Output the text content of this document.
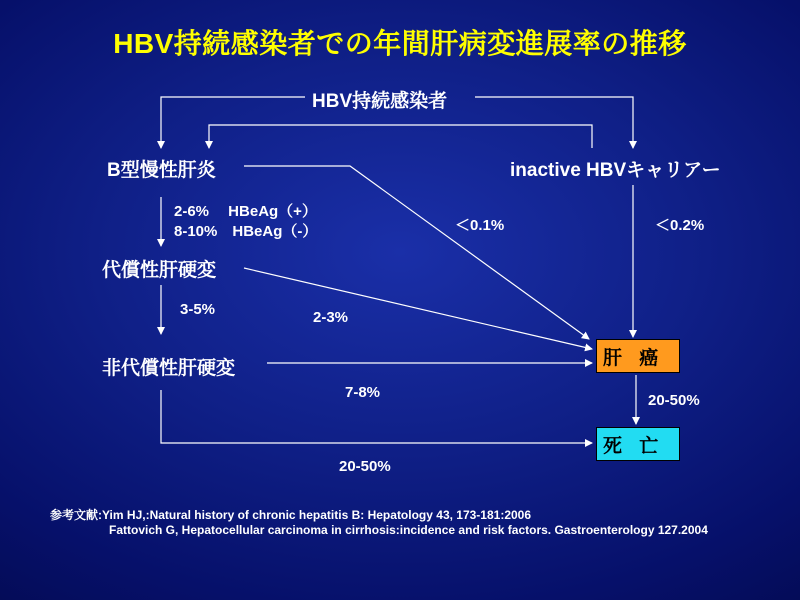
HBV持続感染者での年間肝病変進展率の推移
HBV持続感染者
B型慢性肝炎	inactive HBVキャリアー
代償性肝硬変
非代償性肝硬変	肝 癌
死 亡
2-6%　 HBeAg（+）
8-10%　HBeAg（-）	＜0.1%	＜0.2%
3-5%	2-3%
7-8%	20-50%
20-50%
参考文献:Yim HJ,:Natural history of chronic hepatitis B: Hepatology 43, 173-181:2006
Fattovich G, Hepatocellular carcinoma in cirrhosis:incidence and risk factors. Gastroenterology 127.2004
